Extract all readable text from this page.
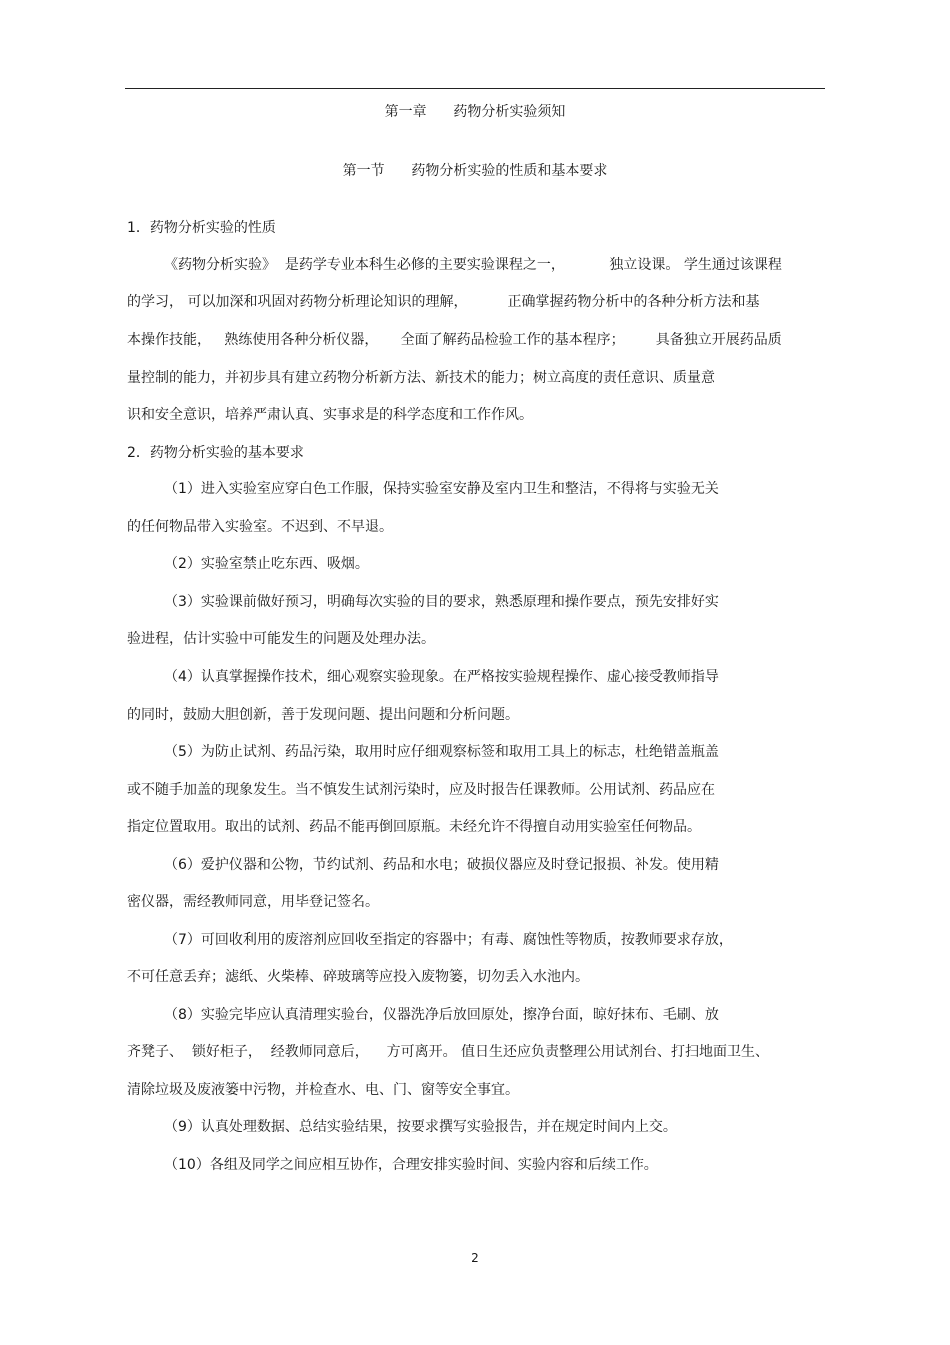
第一章      药物分析实验须知
第一节      药物分析实验的性质和基本要求
1．药物分析实验的性质
《药物分析实验》  是药学专业本科生必修的主要实验课程之一，          独立设课。 学生通过该课程
的学习， 可以加深和巩固对药物分析理论知识的理解，         正确掌握药物分析中的各种分析方法和基
本操作技能，   熟练使用各种分析仪器，     全面了解药品检验工作的基本程序；       具备独立开展药品质
量控制的能力，并初步具有建立药物分析新方法、新技术的能力；树立高度的责任意识、质量意
识和安全意识，培养严肃认真、实事求是的科学态度和工作作风。
2．药物分析实验的基本要求
（1）进入实验室应穿白色工作服，保持实验室安静及室内卫生和整洁，不得将与实验无关
的任何物品带入实验室。不迟到、不早退。
（2）实验室禁止吃东西、吸烟。
（3）实验课前做好预习，明确每次实验的目的要求，熟悉原理和操作要点，预先安排好实
验进程，估计实验中可能发生的问题及处理办法。
（4）认真掌握操作技术，细心观察实验现象。在严格按实验规程操作、虚心接受教师指导
的同时，鼓励大胆创新，善于发现问题、提出问题和分析问题。
（5）为防止试剂、药品污染，取用时应仔细观察标签和取用工具上的标志，杜绝错盖瓶盖
或不随手加盖的现象发生。当不慎发生试剂污染时，应及时报告任课教师。公用试剂、药品应在
指定位置取用。取出的试剂、药品不能再倒回原瓶。未经允许不得擅自动用实验室任何物品。
（6）爱护仪器和公物，节约试剂、药品和水电；破损仪器应及时登记报损、补发。使用精
密仪器，需经教师同意，用毕登记签名。
（7）可回收利用的废溶剂应回收至指定的容器中；有毒、腐蚀性等物质，按教师要求存放，
不可任意丢弃；滤纸、火柴棒、碎玻璃等应投入废物篓，切勿丢入水池内。
（8）实验完毕应认真清理实验台，仪器洗净后放回原处，擦净台面，晾好抹布、毛刷、放
齐凳子、  锁好柜子，  经教师同意后，    方可离开。 值日生还应负责整理公用试剂台、打扫地面卫生、
清除垃圾及废液篓中污物，并检查水、电、门、窗等安全事宜。
（9）认真处理数据、总结实验结果，按要求撰写实验报告，并在规定时间内上交。
（10）各组及同学之间应相互协作，合理安排实验时间、实验内容和后续工作。
2
